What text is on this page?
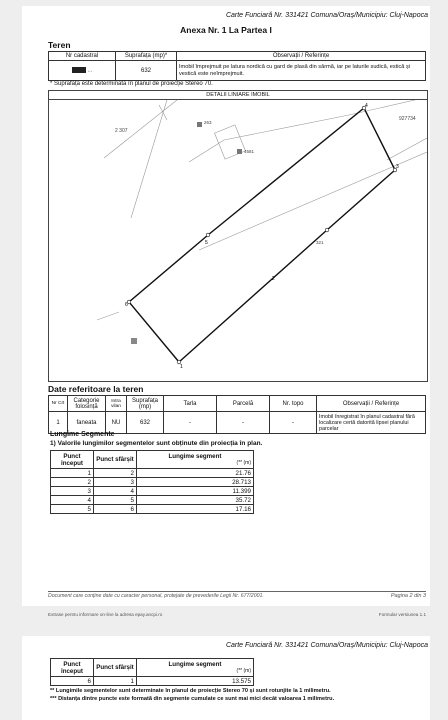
Carte Funciară Nr. 331421 Comuna/Oraș/Municipiu: Cluj-Napoca
Anexa Nr. 1 La Partea I
Teren
Nr cadastral	Suprafața (mp)*	Observații / Referințe
…	632	Imobil împrejmuit pe latura nordică cu gard de plasă din sârmă, iar pe laturile sudică, estică și vestică este neîmprejmuit.
* Suprafața este determinată în planul de proiecție Stereo 70.
DETALII LINIARE IMOBIL
1
2
3
4
5
6
2 307
263
4581
927734
321
Date referitoare la teren
Nr Crt	Categorie folosință	Intra vilan	Suprafața (mp)	Tarla	Parcelă	Nr. topo	Observații / Referințe
1	faneata	NU	632	-	-	-	Imobil înregistrat în planul cadastral fără localizare certă datorită lipsei planului parcelar
Lungime Segmente
1) Valorile lungimilor segmentelor sunt obținute din proiecția în plan.
Punct început	Punct sfârșit	Lungime segment
(** (m)

1	2	21.76
2	3	28.713
3	4	11.399
4	5	35.72
5	6	17.16
Document care conține date cu caracter personal, protejate de prevederile Legii Nr. 677/2001.	Pagina 2 din 3
Extrase pentru informare on-line la adresa epay.ancpi.ro	Formular versiunea 1.1
Carte Funciară Nr. 331421 Comuna/Oraș/Municipiu: Cluj-Napoca
Punct început	Punct sfârșit	Lungime segment
(** (m)

6	1	13.575
** Lungimile segmentelor sunt determinate în planul de proiecție Stereo 70 și sunt rotunjite la 1 milimetru.
*** Distanța dintre puncte este formată din segmente cumulate ce sunt mai mici decât valoarea 1 milimetru.
